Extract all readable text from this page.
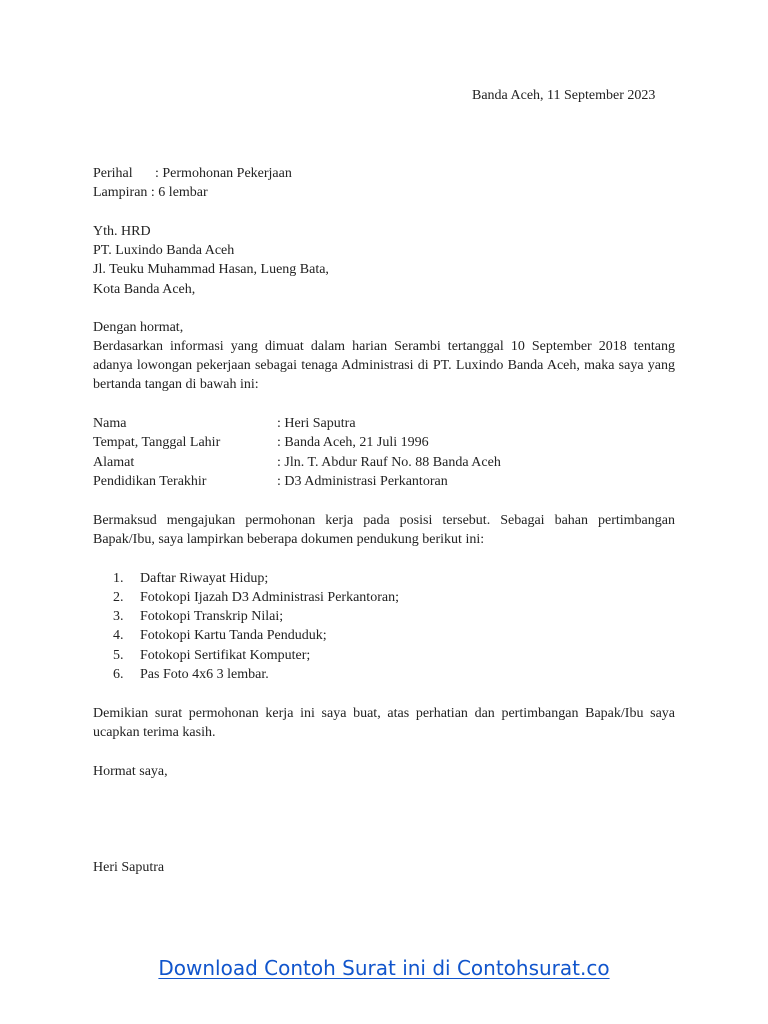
Banda Aceh, 11 September 2023
Perihal : Permohonan Pekerjaan
Lampiran : 6 lembar
Yth. HRD
PT. Luxindo Banda Aceh
Jl. Teuku Muhammad Hasan, Lueng Bata,
Kota Banda Aceh,
Dengan hormat,
Berdasarkan informasi yang dimuat dalam harian Serambi tertanggal 10 September 2018 tentang adanya lowongan pekerjaan sebagai tenaga Administrasi di PT. Luxindo Banda Aceh, maka saya yang bertanda tangan di bawah ini:
Nama	: Heri Saputra
Tempat, Tanggal Lahir	: Banda Aceh, 21 Juli 1996
Alamat	: Jln. T. Abdur Rauf No. 88 Banda Aceh
Pendidikan Terakhir	: D3 Administrasi Perkantoran
Bermaksud mengajukan permohonan kerja pada posisi tersebut. Sebagai bahan pertimbangan Bapak/Ibu, saya lampirkan beberapa dokumen pendukung berikut ini:
1. Daftar Riwayat Hidup;
2. Fotokopi Ijazah D3 Administrasi Perkantoran;
3. Fotokopi Transkrip Nilai;
4. Fotokopi Kartu Tanda Penduduk;
5. Fotokopi Sertifikat Komputer;
6. Pas Foto 4x6 3 lembar.
Demikian surat permohonan kerja ini saya buat, atas perhatian dan pertimbangan Bapak/Ibu saya ucapkan terima kasih.
Hormat saya,
Heri Saputra
Download Contoh Surat ini di Contohsurat.co
